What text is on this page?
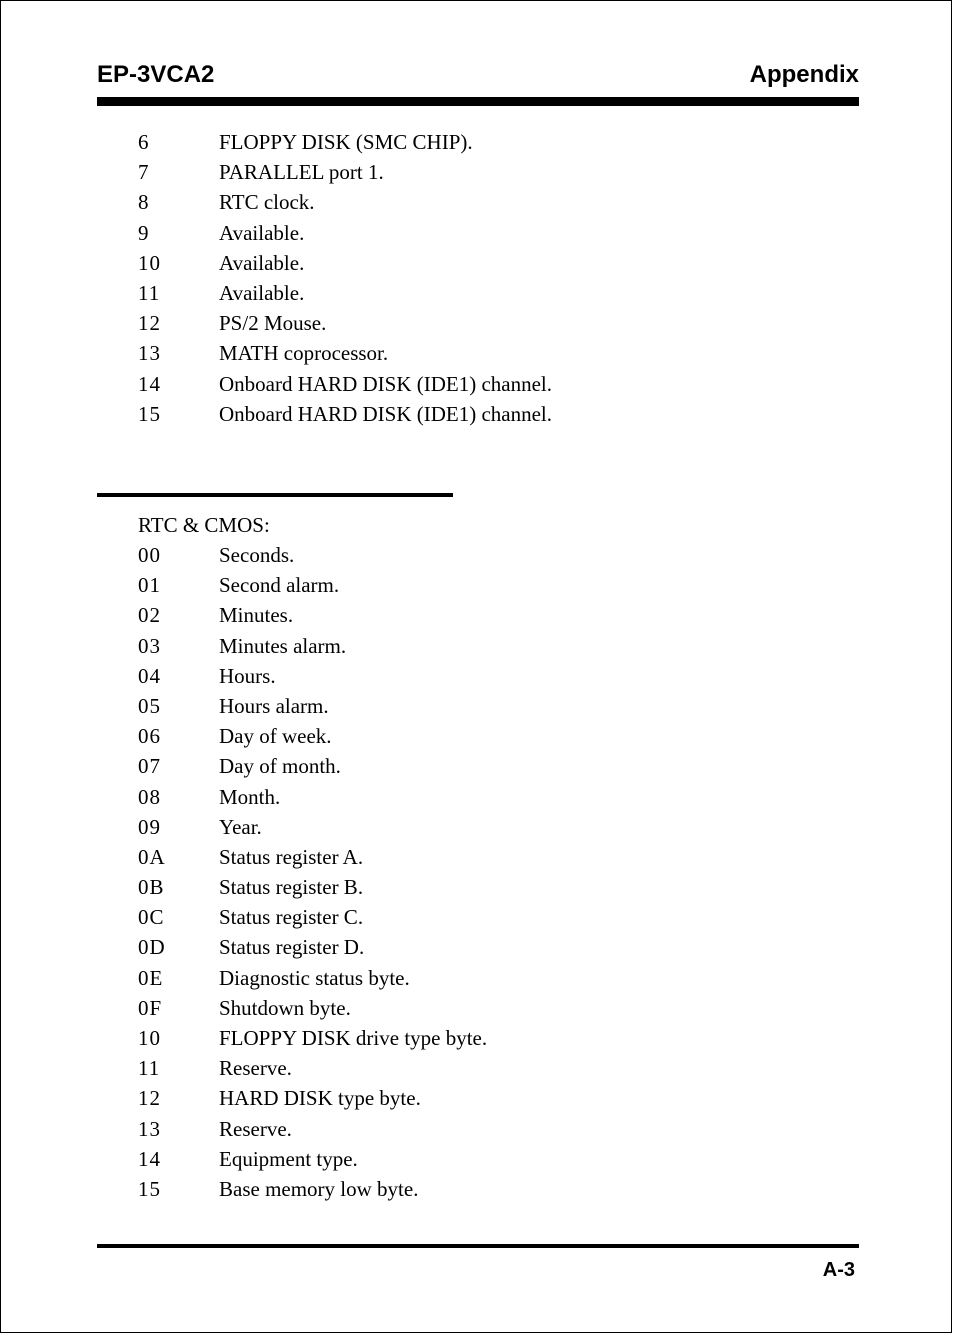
EP-3VCA2	Appendix
6	FLOPPY DISK (SMC CHIP).
7	PARALLEL port 1.
8	RTC clock.
9	Available.
10	Available.
11	Available.
12	PS/2 Mouse.
13	MATH coprocessor.
14	Onboard HARD DISK (IDE1) channel.
15	Onboard HARD DISK (IDE1) channel.
RTC & CMOS:
00	Seconds.
01	Second alarm.
02	Minutes.
03	Minutes alarm.
04	Hours.
05	Hours alarm.
06	Day of week.
07	Day of month.
08	Month.
09	Year.
0A	Status register A.
0B	Status register B.
0C	Status register C.
0D	Status register D.
0E	Diagnostic status byte.
0F	Shutdown byte.
10	FLOPPY DISK drive type byte.
11	Reserve.
12	HARD DISK type byte.
13	Reserve.
14	Equipment type.
15	Base memory low byte.
A-3
